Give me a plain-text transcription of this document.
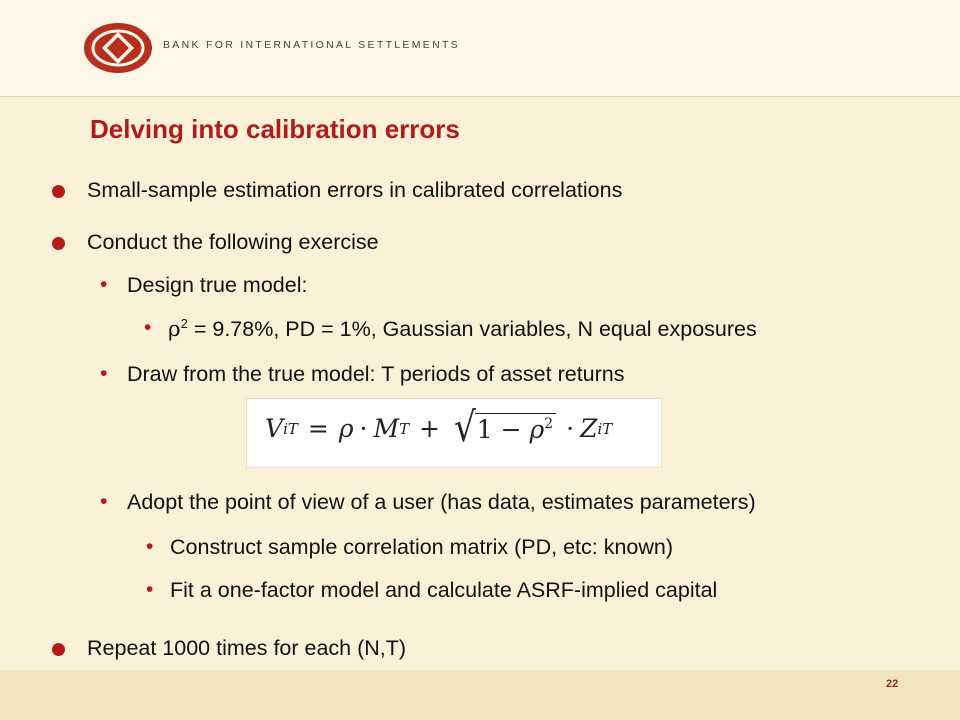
BANK FOR INTERNATIONAL SETTLEMENTS
Delving into calibration errors
Small-sample estimation errors in calibrated correlations
Conduct the following exercise
• Design true model:
• $\rho^2 = 9.78\%$, PD = 1%, Gaussian variables, N equal exposures
• Draw from the true model: T periods of asset returns
V iT = ρ · M T + √ $1 - \rho^2 \cdot Z$ iT
• Adopt the point of view of a user (has data, estimates parameters)
• Construct sample correlation matrix (PD, etc: known)
• Fit a one-factor model and calculate ASRF-implied capital
Repeat 1000 times for each (N,T)
22
